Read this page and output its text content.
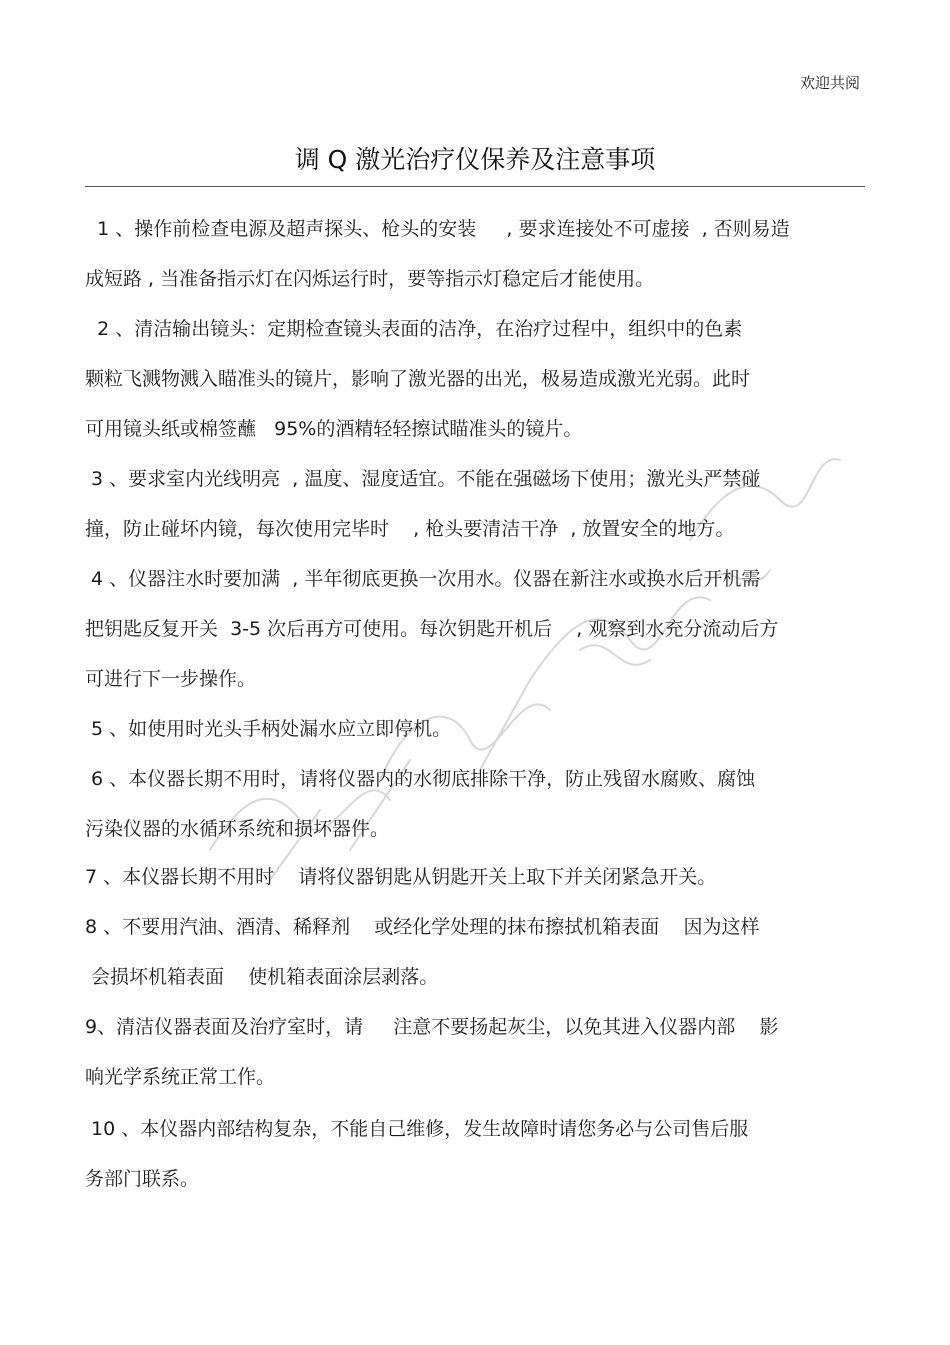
欢迎共阅
调 Q 激光治疗仪保养及注意事项
1 、操作前检查电源及超声探头、枪头的安装     , 要求连接处不可虚接  , 否则易造
成短路 , 当准备指示灯在闪烁运行时，要等指示灯稳定后才能使用。
2 、清洁输出镜头：定期检查镜头表面的洁净，在治疗过程中，组织中的色素
颗粒飞溅物溅入瞄准头的镜片，影响了激光器的出光，极易造成激光光弱。此时
可用镜头纸或棉签蘸   95%的酒精轻轻擦试瞄准头的镜片。
3 、要求室内光线明亮  , 温度、湿度适宜。不能在强磁场下使用；激光头严禁碰
撞，防止碰坏内镜，每次使用完毕时    , 枪头要清洁干净  , 放置安全的地方。
4 、仪器注水时要加满  , 半年彻底更换一次用水。仪器在新注水或换水后开机需
把钥匙反复开关  3-5 次后再方可使用。每次钥匙开机后    , 观察到水充分流动后方
可进行下一步操作。
5 、如使用时光头手柄处漏水应立即停机。
6 、本仪器长期不用时，请将仪器内的水彻底排除干净，防止残留水腐败、腐蚀
污染仪器的水循环系统和损坏器件。
7 、本仪器长期不用时    请将仪器钥匙从钥匙开关上取下并关闭紧急开关。
8 、不要用汽油、酒清、稀释剂    或经化学处理的抹布擦拭机箱表面    因为这样
会损坏机箱表面    使机箱表面涂层剥落。
9、清洁仪器表面及治疗室时，请     注意不要扬起灰尘，以免其进入仪器内部    影
响光学系统正常工作。
10 、本仪器内部结构复杂，不能自己维修，发生故障时请您务必与公司售后服
务部门联系。
